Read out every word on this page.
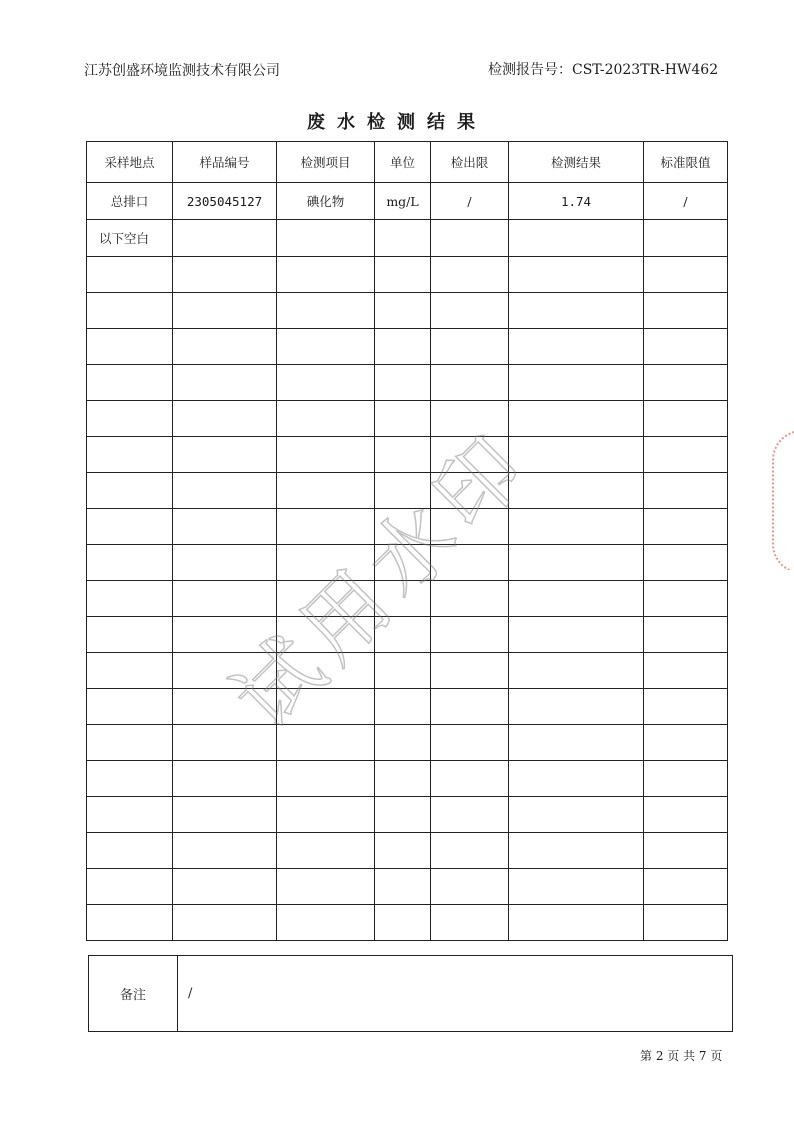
江苏创盛环境监测技术有限公司	检测报告号：CST-2023TR-HW462
废水检测结果
采样地点	样品编号	检测项目	单位	检出限	检测结果	标准限值
总排口	2305045127	碘化物	mg/L	/	1.74	/
以下空白						

备注	/
第 2 页 共 7 页
试用水印
